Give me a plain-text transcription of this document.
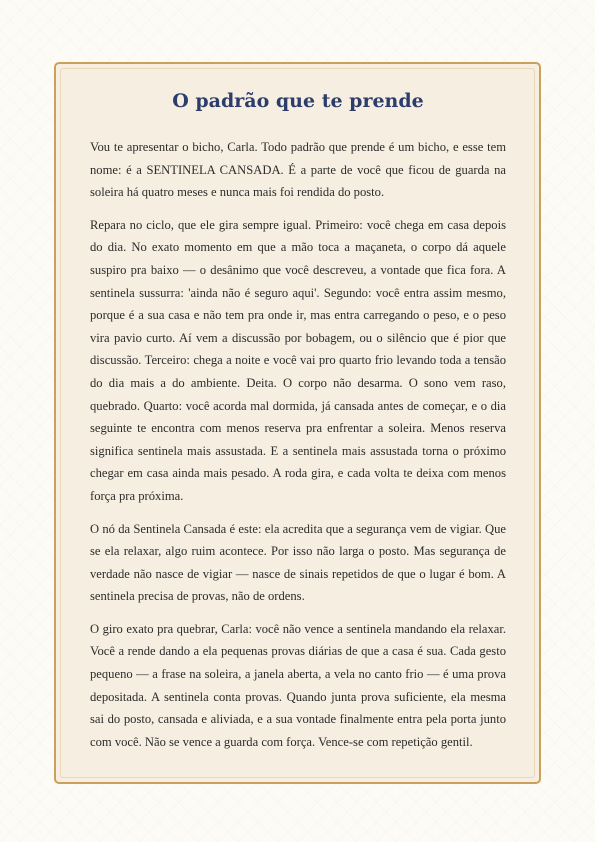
O padrão que te prende

Vou te apresentar o bicho, Carla. Todo padrão que prende é um bicho, e esse tem nome: é a SENTINELA CANSADA. É a parte de você que ficou de guarda na soleira há quatro meses e nunca mais foi rendida do posto.

Repara no ciclo, que ele gira sempre igual. Primeiro: você chega em casa depois do dia. No exato momento em que a mão toca a maçaneta, o corpo dá aquele suspiro pra baixo — o desânimo que você descreveu, a vontade que fica fora. A sentinela sussurra: 'ainda não é seguro aqui'. Segundo: você entra assim mesmo, porque é a sua casa e não tem pra onde ir, mas entra carregando o peso, e o peso vira pavio curto. Aí vem a discussão por bobagem, ou o silêncio que é pior que discussão. Terceiro: chega a noite e você vai pro quarto frio levando toda a tensão do dia mais a do ambiente. Deita. O corpo não desarma. O sono vem raso, quebrado. Quarto: você acorda mal dormida, já cansada antes de começar, e o dia seguinte te encontra com menos reserva pra enfrentar a soleira. Menos reserva significa sentinela mais assustada. E a sentinela mais assustada torna o próximo chegar em casa ainda mais pesado. A roda gira, e cada volta te deixa com menos força pra próxima.

O nó da Sentinela Cansada é este: ela acredita que a segurança vem de vigiar. Que se ela relaxar, algo ruim acontece. Por isso não larga o posto. Mas segurança de verdade não nasce de vigiar — nasce de sinais repetidos de que o lugar é bom. A sentinela precisa de provas, não de ordens.

O giro exato pra quebrar, Carla: você não vence a sentinela mandando ela relaxar. Você a rende dando a ela pequenas provas diárias de que a casa é sua. Cada gesto pequeno — a frase na soleira, a janela aberta, a vela no canto frio — é uma prova depositada. A sentinela conta provas. Quando junta prova suficiente, ela mesma sai do posto, cansada e aliviada, e a sua vontade finalmente entra pela porta junto com você. Não se vence a guarda com força. Vence-se com repetição gentil.
